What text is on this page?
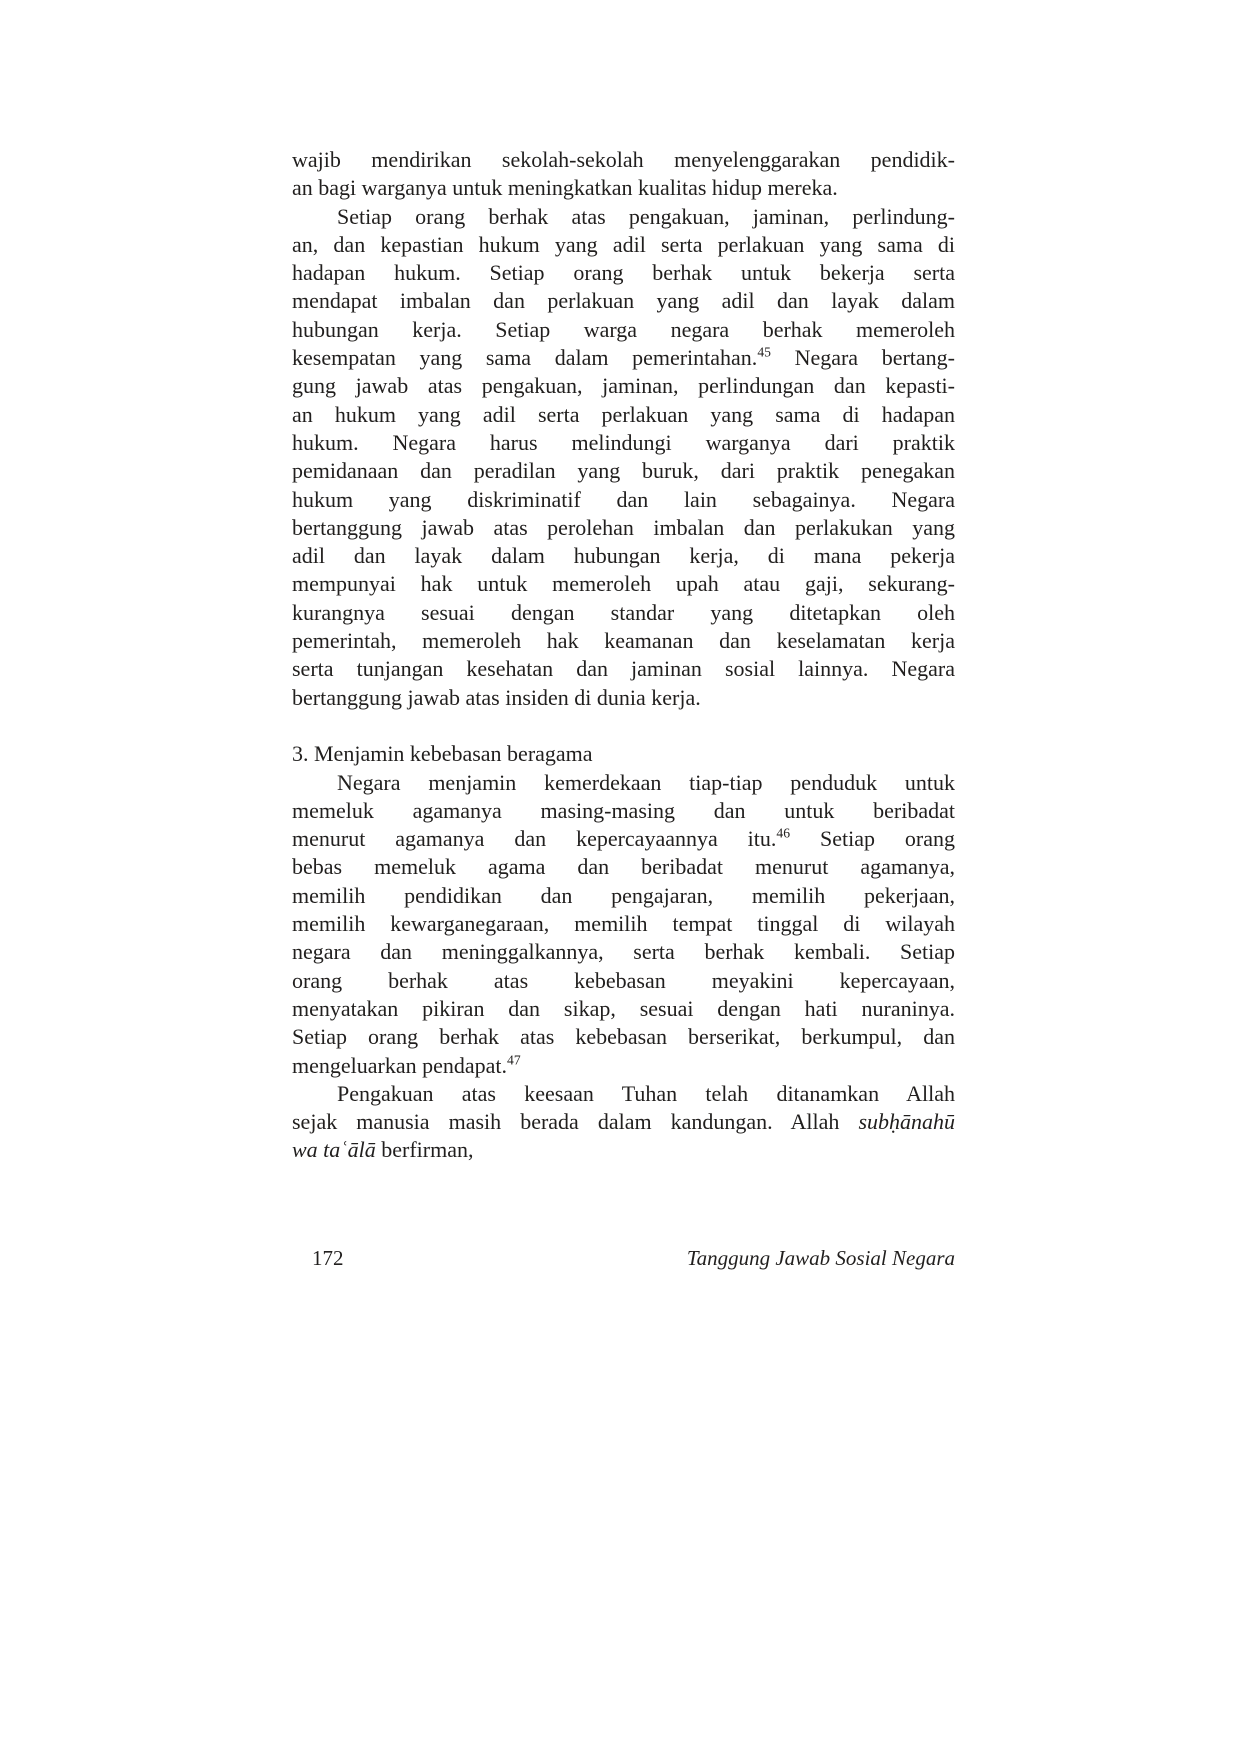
wajib mendirikan sekolah-sekolah menyelenggarakan pendidik-
an bagi warganya untuk meningkatkan kualitas hidup mereka.
Setiap orang berhak atas pengakuan, jaminan, perlindung-
an, dan kepastian hukum yang adil serta perlakuan yang sama di
hadapan hukum. Setiap orang berhak untuk bekerja serta
mendapat imbalan dan perlakuan yang adil dan layak dalam
hubungan kerja. Setiap warga negara berhak memeroleh
kesempatan yang sama dalam pemerintahan.$^{45}$ Negara bertang-
gung jawab atas pengakuan, jaminan, perlindungan dan kepasti-
an hukum yang adil serta perlakuan yang sama di hadapan
hukum. Negara harus melindungi warganya dari praktik
pemidanaan dan peradilan yang buruk, dari praktik penegakan
hukum yang diskriminatif dan lain sebagainya. Negara
bertanggung jawab atas perolehan imbalan dan perlakukan yang
adil dan layak dalam hubungan kerja, di mana pekerja
mempunyai hak untuk memeroleh upah atau gaji, sekurang-
kurangnya sesuai dengan standar yang ditetapkan oleh
pemerintah, memeroleh hak keamanan dan keselamatan kerja
serta tunjangan kesehatan dan jaminan sosial lainnya. Negara
bertanggung jawab atas insiden di dunia kerja.
3. Menjamin kebebasan beragama
Negara menjamin kemerdekaan tiap-tiap penduduk untuk
memeluk agamanya masing-masing dan untuk beribadat
menurut agamanya dan kepercayaannya itu.$^{46}$ Setiap orang
bebas memeluk agama dan beribadat menurut agamanya,
memilih pendidikan dan pengajaran, memilih pekerjaan,
memilih kewarganegaraan, memilih tempat tinggal di wilayah
negara dan meninggalkannya, serta berhak kembali. Setiap
orang berhak atas kebebasan meyakini kepercayaan,
menyatakan pikiran dan sikap, sesuai dengan hati nuraninya.
Setiap orang berhak atas kebebasan berserikat, berkumpul, dan
mengeluarkan pendapat.$^{47}$
Pengakuan atas keesaan Tuhan telah ditanamkan Allah
sejak manusia masih berada dalam kandungan. Allah subḥānahū
wa taʿālā berfirman,
172	Tanggung Jawab Sosial Negara
